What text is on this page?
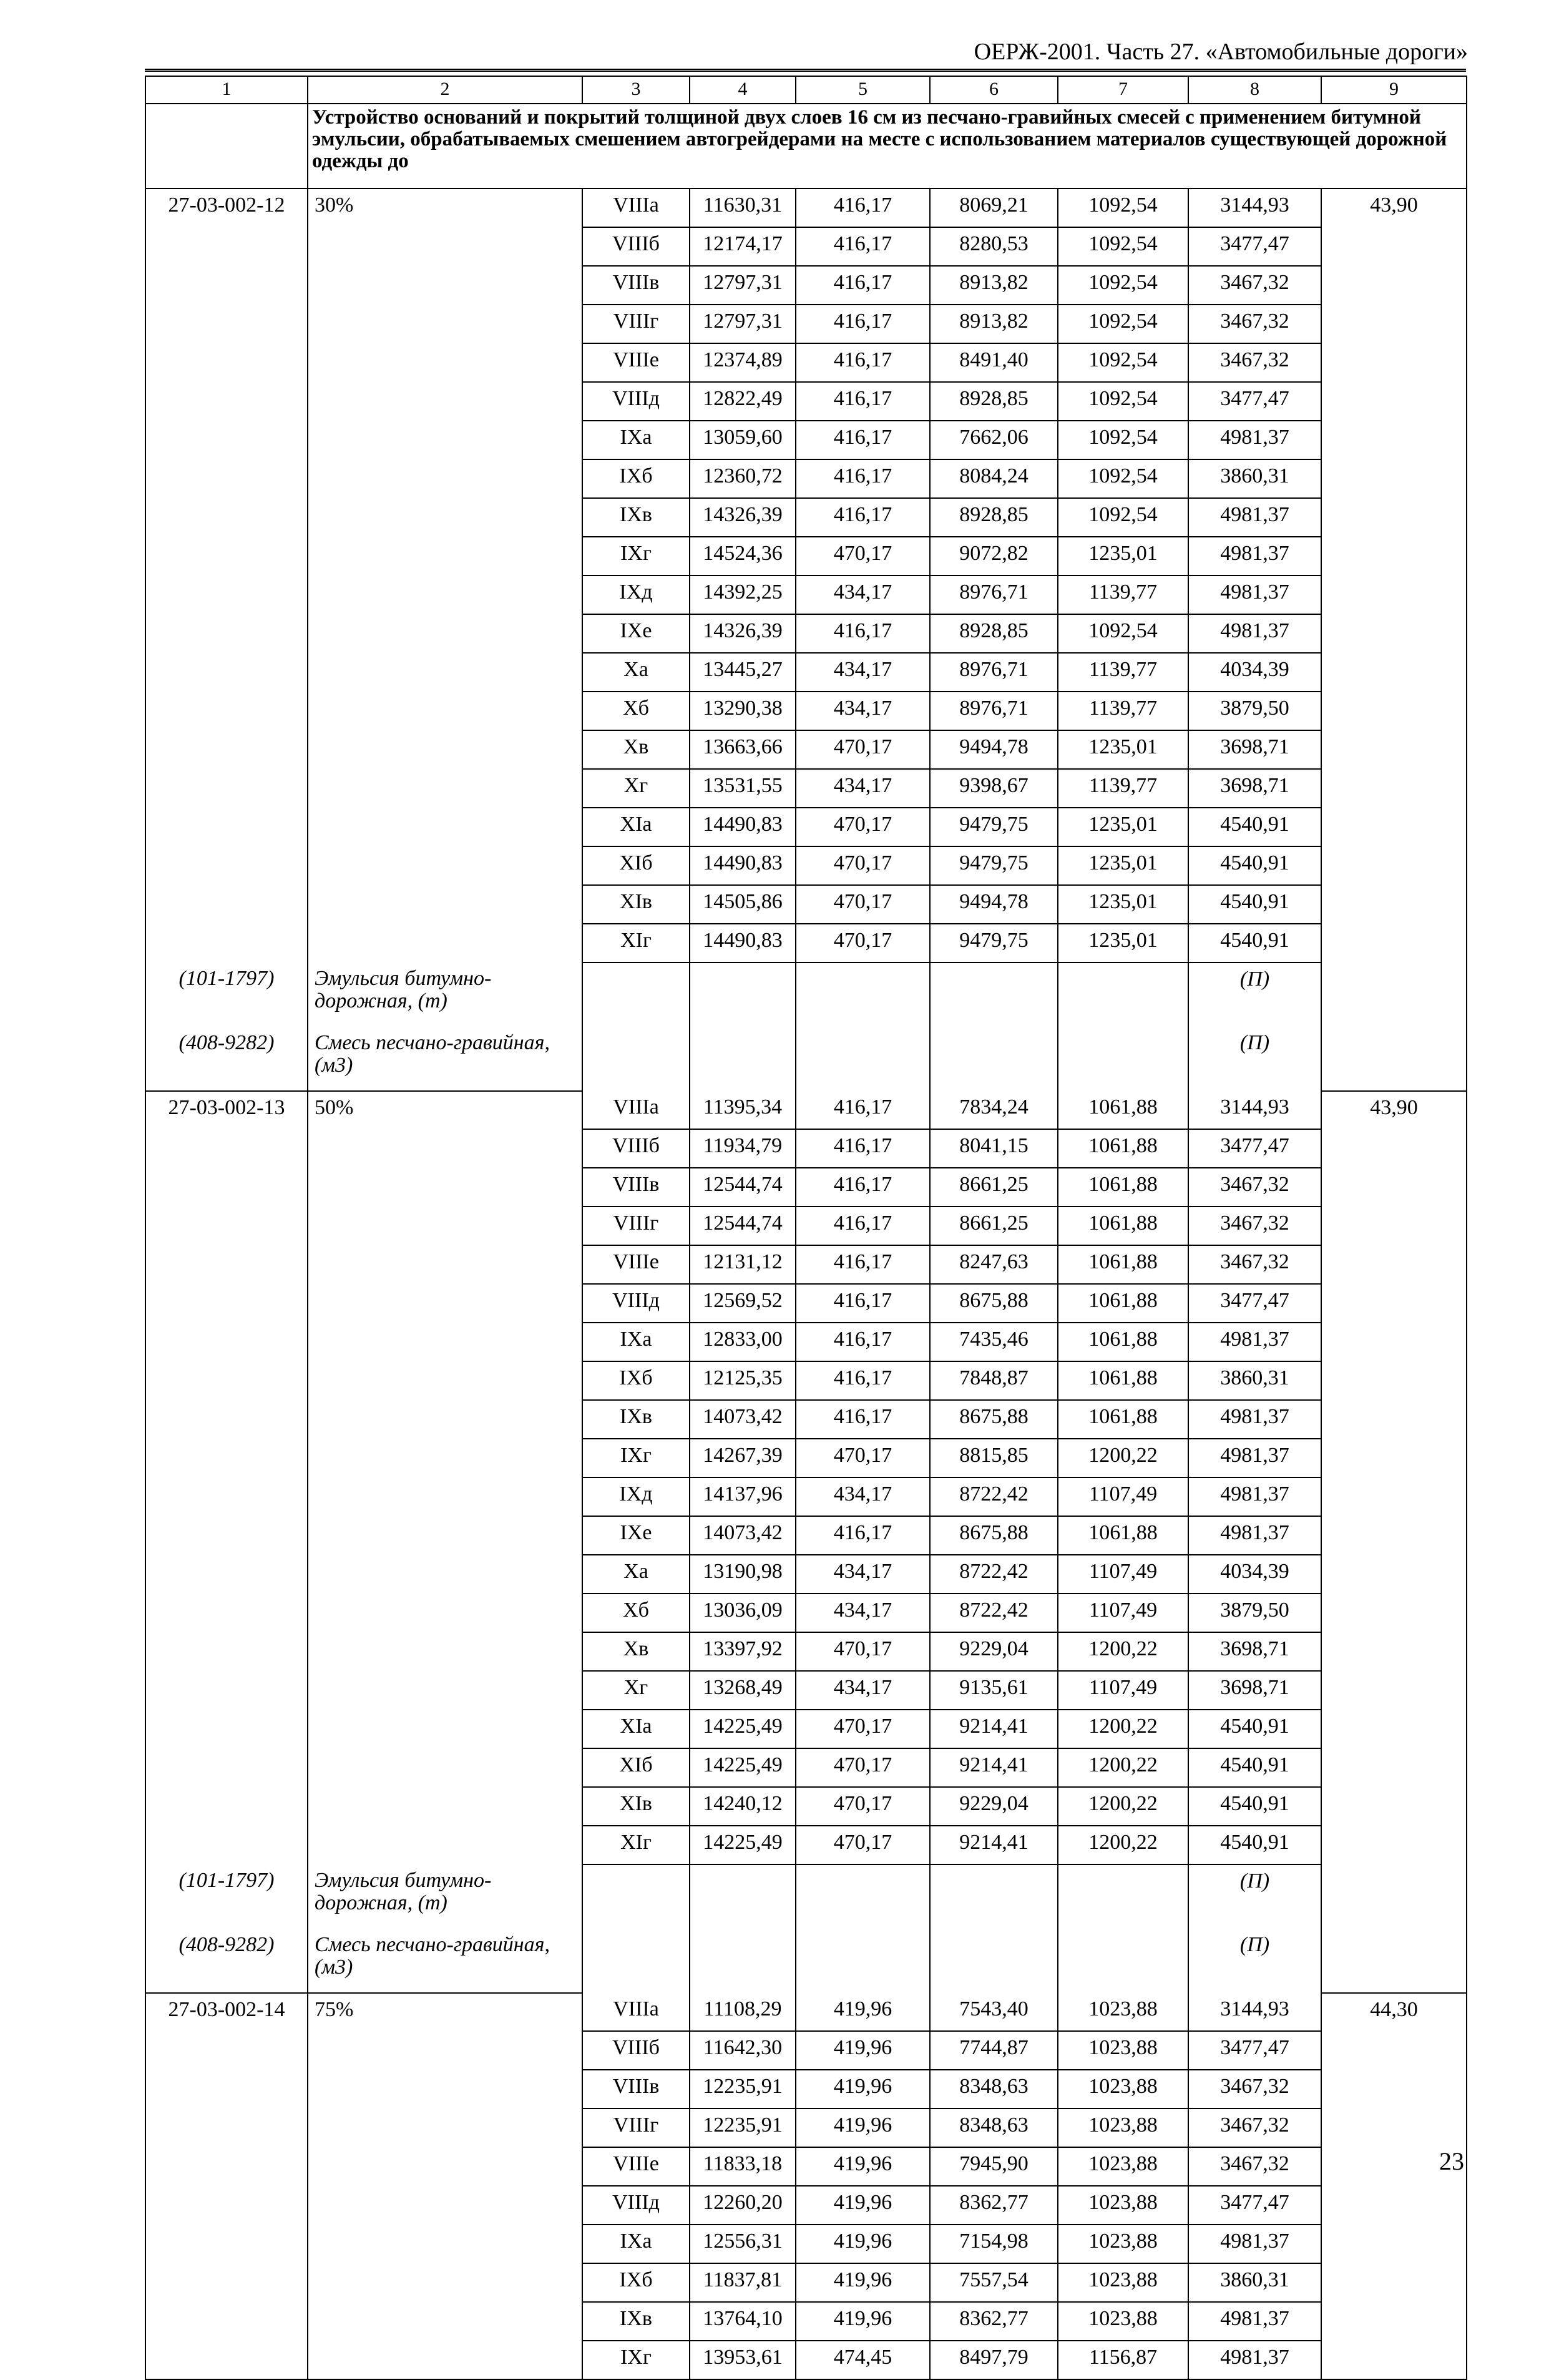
ОЕРЖ-2001. Часть 27. «Автомобильные дороги»
1	2	3	4	5	6	7	8	9
	Устройство оснований и покрытий толщиной двух слоев 16 см из песчано-гравийных смесей с применением битумной эмульсии, обрабатываемых смешением автогрейдерами на месте с использованием материалов существующей дорожной одежды до							
27-03-002-12	30%	VIIIа	11630,31	416,17	8069,21	1092,54	3144,93	43,90
		VIIIб	12174,17	416,17	8280,53	1092,54	3477,47	
		VIIIв	12797,31	416,17	8913,82	1092,54	3467,32	
		VIIIг	12797,31	416,17	8913,82	1092,54	3467,32	
		VIIIе	12374,89	416,17	8491,40	1092,54	3467,32	
		VIIIд	12822,49	416,17	8928,85	1092,54	3477,47	
		IXа	13059,60	416,17	7662,06	1092,54	4981,37	
		IXб	12360,72	416,17	8084,24	1092,54	3860,31	
		IXв	14326,39	416,17	8928,85	1092,54	4981,37	
		IXг	14524,36	470,17	9072,82	1235,01	4981,37	
		IXд	14392,25	434,17	8976,71	1139,77	4981,37	
		IXе	14326,39	416,17	8928,85	1092,54	4981,37	
		Xа	13445,27	434,17	8976,71	1139,77	4034,39	
		Xб	13290,38	434,17	8976,71	1139,77	3879,50	
		Xв	13663,66	470,17	9494,78	1235,01	3698,71	
		Xг	13531,55	434,17	9398,67	1139,77	3698,71	
		XIа	14490,83	470,17	9479,75	1235,01	4540,91	
		XIб	14490,83	470,17	9479,75	1235,01	4540,91	
		XIв	14505,86	470,17	9494,78	1235,01	4540,91	
		XIг	14490,83	470,17	9479,75	1235,01	4540,91	
(101-1797)	Эмульсия битумно-дорожная, (т)						(П)	
(408-9282)	Смесь песчано-гравийная, (м3)						(П)	
27-03-002-13	50%	VIIIа	11395,34	416,17	7834,24	1061,88	3144,93	43,90
		VIIIб	11934,79	416,17	8041,15	1061,88	3477,47	
		VIIIв	12544,74	416,17	8661,25	1061,88	3467,32	
		VIIIг	12544,74	416,17	8661,25	1061,88	3467,32	
		VIIIе	12131,12	416,17	8247,63	1061,88	3467,32	
		VIIIд	12569,52	416,17	8675,88	1061,88	3477,47	
		IXа	12833,00	416,17	7435,46	1061,88	4981,37	
		IXб	12125,35	416,17	7848,87	1061,88	3860,31	
		IXв	14073,42	416,17	8675,88	1061,88	4981,37	
		IXг	14267,39	470,17	8815,85	1200,22	4981,37	
		IXд	14137,96	434,17	8722,42	1107,49	4981,37	
		IXе	14073,42	416,17	8675,88	1061,88	4981,37	
		Xа	13190,98	434,17	8722,42	1107,49	4034,39	
		Xб	13036,09	434,17	8722,42	1107,49	3879,50	
		Xв	13397,92	470,17	9229,04	1200,22	3698,71	
		Xг	13268,49	434,17	9135,61	1107,49	3698,71	
		XIа	14225,49	470,17	9214,41	1200,22	4540,91	
		XIб	14225,49	470,17	9214,41	1200,22	4540,91	
		XIв	14240,12	470,17	9229,04	1200,22	4540,91	
		XIг	14225,49	470,17	9214,41	1200,22	4540,91	
(101-1797)	Эмульсия битумно-дорожная, (т)						(П)	
(408-9282)	Смесь песчано-гравийная, (м3)						(П)	
27-03-002-14	75%	VIIIа	11108,29	419,96	7543,40	1023,88	3144,93	44,30
		VIIIб	11642,30	419,96	7744,87	1023,88	3477,47	
		VIIIв	12235,91	419,96	8348,63	1023,88	3467,32	
		VIIIг	12235,91	419,96	8348,63	1023,88	3467,32	
		VIIIе	11833,18	419,96	7945,90	1023,88	3467,32	
		VIIIд	12260,20	419,96	8362,77	1023,88	3477,47	
		IXа	12556,31	419,96	7154,98	1023,88	4981,37	
		IXб	11837,81	419,96	7557,54	1023,88	3860,31	
		IXв	13764,10	419,96	8362,77	1023,88	4981,37	
		IXг	13953,61	474,45	8497,79	1156,87	4981,37	
23
